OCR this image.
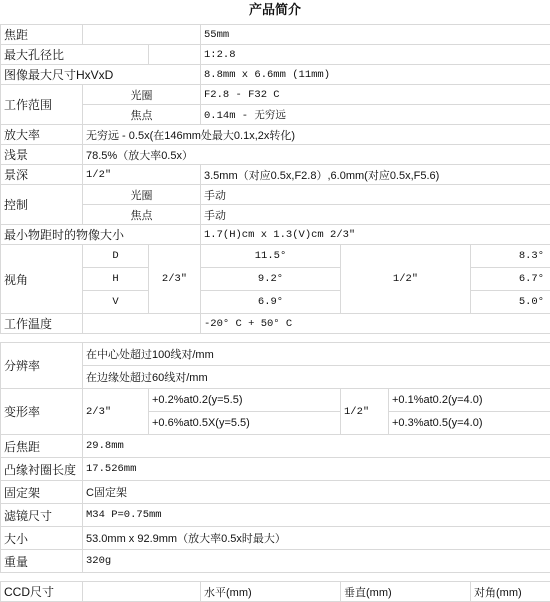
产品简介
焦距			55mm			
最大孔径比			1:2.8			
图像最大尺寸HxVxD			8.8mm x 6.6mm (11mm)			
工作范围	光圈		F2.8 - F32 C			
	焦点		0.14m - 无穷远			
放大率	无穷远 - 0.5x(在146mm处最大0.1x,2x转化)					
浅景	78.5%（放大率0.5x）					
景深	1/2"		3.5mm（对应0.5x,F2.8）,6.0mm(对应0.5x,F5.6)			
控制	光圈		手动			
	焦点		手动			
最小物距时的物像大小			1.7(H)cm x 1.3(V)cm 2/3"			
视角	D	2/3"	11.5°	1/2"		8.3°
	H		9.2°			6.7°
	V		6.9°			5.0°
工作温度			-20° C + 50° C			

分辨率	在中心处超过100线对/mm					
	在边缘处超过60线对/mm					
变形率	2/3"	+0.2%at0.2(y=5.5)		1/2"	+0.1%at0.2(y=4.0)	
		+0.6%at0.5X(y=5.5)			+0.3%at0.5(y=4.0)	
后焦距	29.8mm					
凸缘衬圈长度	17.526mm					
固定架	C固定架					
滤镜尺寸	M34 P=0.75mm					
大小	53.0mm x 92.9mm（放大率0.5x时最大）					
重量	320g					

CCD尺寸			水平(mm)	垂直(mm)		对角(mm)
